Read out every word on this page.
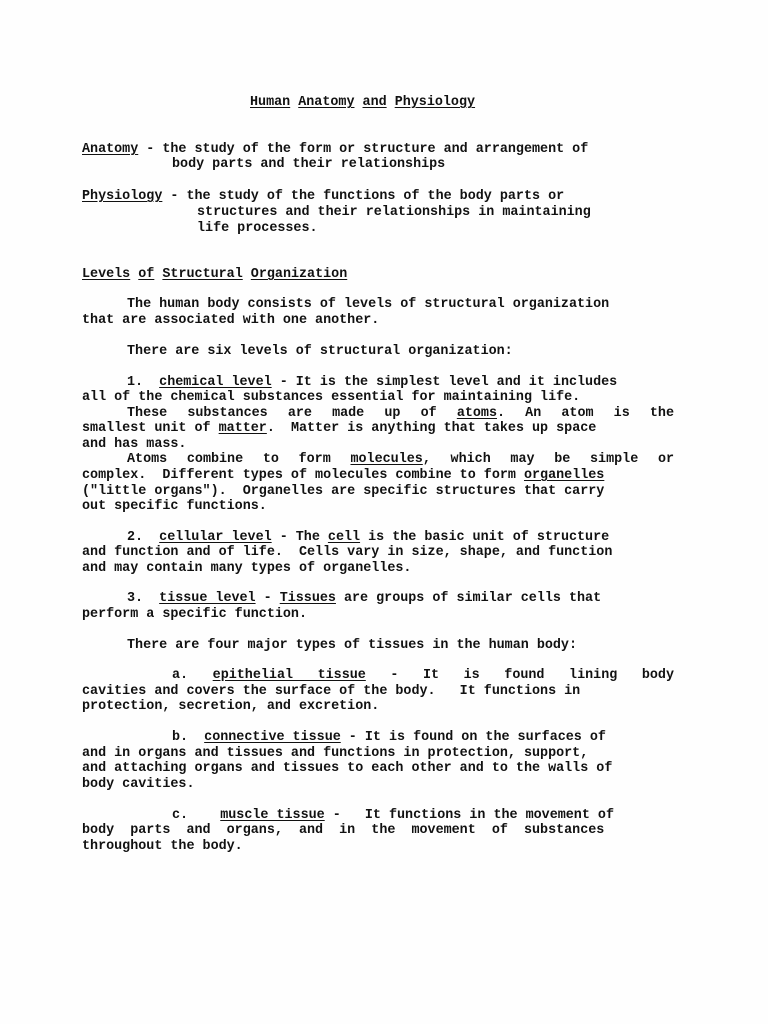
Human Anatomy and Physiology

Anatomy - the study of the form or structure and arrangement of

body parts and their relationships

Physiology - the study of the functions of the body parts or

structures and their relationships in maintaining

life processes.

Levels of Structural Organization

The human body consists of levels of structural organization

that are associated with one another.

There are six levels of structural organization:

1. chemical level - It is the simplest level and it includes

all of the chemical substances essential for maintaining life.

These substances are made up of atoms. An atom is the

smallest unit of matter.  Matter is anything that takes up space

and has mass.

Atoms combine to form molecules, which may be simple or

complex.  Different types of molecules combine to form organelles

("little organs").  Organelles are specific structures that carry

out specific functions.

2. cellular level - The cell is the basic unit of structure

and function and of life.  Cells vary in size, shape, and function

and may contain many types of organelles.

3. tissue level - Tissues are groups of similar cells that

perform a specific function.

There are four major types of tissues in the human body:

a. epithelial tissue - It is found lining body

cavities and covers the surface of the body.   It functions in

protection, secretion, and excretion.

b. connective tissue - It is found on the surfaces of

and in organs and tissues and functions in protection, support,

and attaching organs and tissues to each other and to the walls of

body cavities.

c. muscle tissue -   It functions in the movement of

body  parts  and  organs,  and  in  the  movement  of  substances

throughout the body.
